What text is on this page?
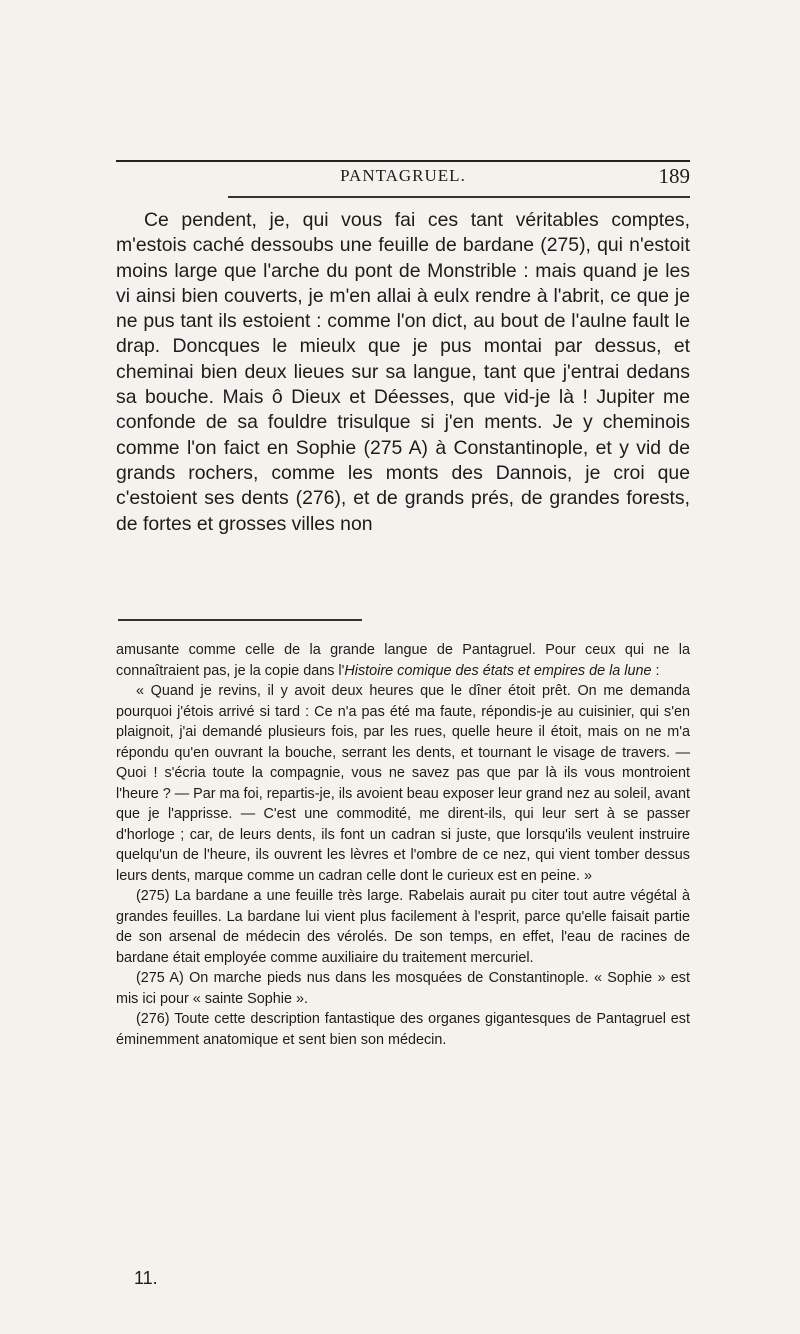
PANTAGRUEL.	189

Ce pendent, je, qui vous fai ces tant véritables comptes, m'estois caché dessoubs une feuille de bardane (275), qui n'estoit moins large que l'arche du pont de Monstrible : mais quand je les vi ainsi bien couverts, je m'en allai à eulx rendre à l'abrit, ce que je ne pus tant ils estoient : comme l'on dict, au bout de l'aulne fault le drap. Doncques le mieulx que je pus montai par dessus, et cheminai bien deux lieues sur sa langue, tant que j'entrai dedans sa bouche. Mais ô Dieux et Déesses, que vid-je là ! Jupiter me confonde de sa fouldre trisulque si j'en ments. Je y cheminois comme l'on faict en Sophie (275 A) à Constantinople, et y vid de grands rochers, comme les monts des Dannois, je croi que c'estoient ses dents (276), et de grands prés, de grandes forests, de fortes et grosses villes non

amusante comme celle de la grande langue de Pantagruel. Pour ceux qui ne la connaîtraient pas, je la copie dans l'Histoire comique des états et empires de la lune :

« Quand je revins, il y avoit deux heures que le dîner étoit prêt. On me demanda pourquoi j'étois arrivé si tard : Ce n'a pas été ma faute, répondis-je au cuisinier, qui s'en plaignoit, j'ai demandé plusieurs fois, par les rues, quelle heure il étoit, mais on ne m'a répondu qu'en ouvrant la bouche, serrant les dents, et tournant le visage de travers. — Quoi ! s'écria toute la compagnie, vous ne savez pas que par là ils vous montroient l'heure ? — Par ma foi, repartis-je, ils avoient beau exposer leur grand nez au soleil, avant que je l'apprisse. — C'est une commodité, me dirent-ils, qui leur sert à se passer d'horloge ; car, de leurs dents, ils font un cadran si juste, que lorsqu'ils veulent instruire quelqu'un de l'heure, ils ouvrent les lèvres et l'ombre de ce nez, qui vient tomber dessus leurs dents, marque comme un cadran celle dont le curieux est en peine. »

(275) La bardane a une feuille très large. Rabelais aurait pu citer tout autre végétal à grandes feuilles. La bardane lui vient plus facilement à l'esprit, parce qu'elle faisait partie de son arsenal de médecin des vérolés. De son temps, en effet, l'eau de racines de bardane était employée comme auxiliaire du traitement mercuriel.

(275 A) On marche pieds nus dans les mosquées de Constantinople. « Sophie » est mis ici pour « sainte Sophie ».

(276) Toute cette description fantastique des organes gigantesques de Pantagruel est éminemment anatomique et sent bien son médecin.

11.
